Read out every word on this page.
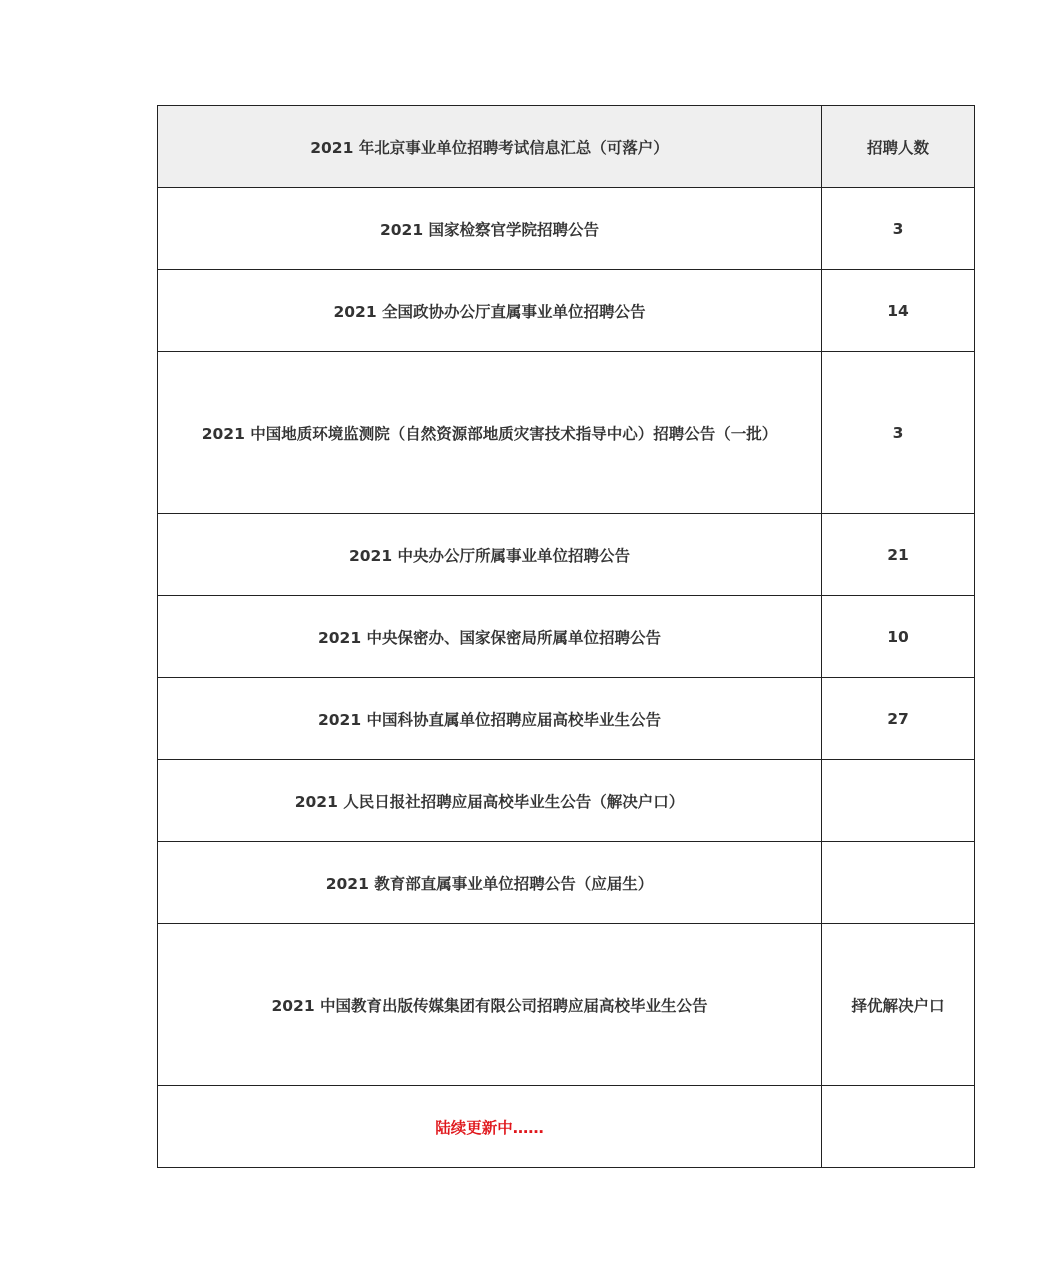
2021 年北京事业单位招聘考试信息汇总（可落户）	招聘人数
2021 国家检察官学院招聘公告	3
2021 全国政协办公厅直属事业单位招聘公告	14
2021 中国地质环境监测院（自然资源部地质灾害技术指导中心）招聘公告（一批）	3
2021 中央办公厅所属事业单位招聘公告	21
2021 中央保密办、国家保密局所属单位招聘公告	10
2021 中国科协直属单位招聘应届高校毕业生公告	27
2021 人民日报社招聘应届高校毕业生公告（解决户口）	
2021 教育部直属事业单位招聘公告（应届生）	
2021 中国教育出版传媒集团有限公司招聘应届高校毕业生公告	择优解决户口
陆续更新中……	
